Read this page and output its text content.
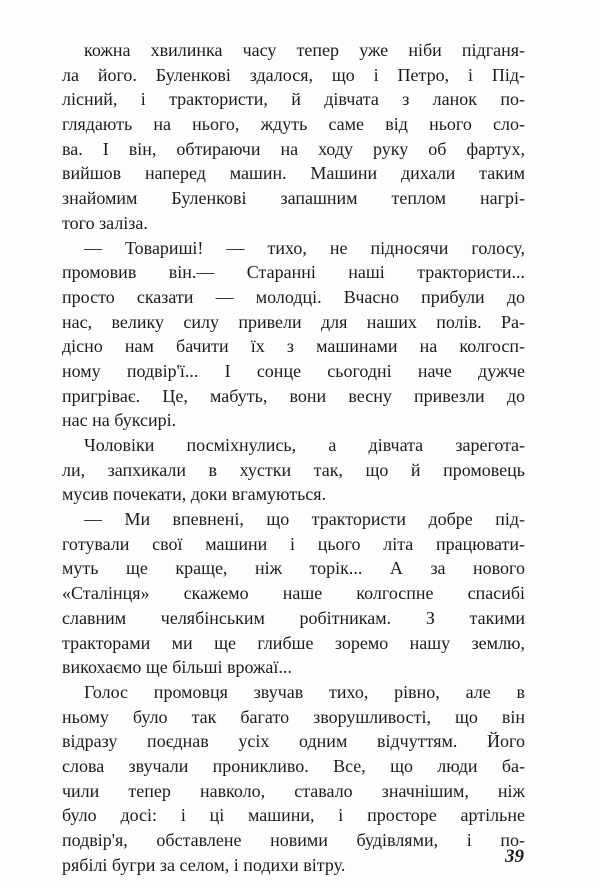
кожна хвилинка часу тепер уже ніби підганя-
ла його. Буленкові здалося, що і Петро, і Під-
лісний, і трактористи, й дівчата з ланок по-
глядають на нього, ждуть саме від нього сло-
ва. І він, обтираючи на ходу руку об фартух,
вийшов наперед машин. Машини дихали таким
знайомим Буленкові запашним теплом нагрі-
того заліза.
— Товариші! — тихо, не підносячи голосу,
промовив він.— Старанні наші трактористи...
просто сказати — молодці. Вчасно прибули до
нас, велику силу привели для наших полів. Ра-
дісно нам бачити їх з машинами на колгосп-
ному подвір'ї... І сонце сьогодні наче дужче
пригріває. Це, мабуть, вони весну привезли до
нас на буксирі.
Чоловіки посміхнулись, а дівчата зареготa-
ли, запхикали в хустки так, що й промовець
мусив почекати, доки вгамуються.
— Ми впевнені, що трактористи добре під-
готували свої машини і цього літа працювати-
муть ще краще, ніж торік... А за нового
«Сталінця» скажемо наше колгоспне спасибі
славним челябінським робітникам. З такими
тракторами ми ще глибше зоремо нашу землю,
викохаємо ще більші врожаї...
Голос промовця звучав тихо, рівно, але в
ньому було так багато зворушливості, що він
відразу поєднав усіх одним відчуттям. Його
слова звучали проникливо. Все, що люди ба-
чили тепер навколо, ставало значнішим, ніж
було досі: і ці машини, і просторе артільне
подвір'я, обставлене новими будівлями, і по-
рябілі бугри за селом, і подихи вітру.	39
